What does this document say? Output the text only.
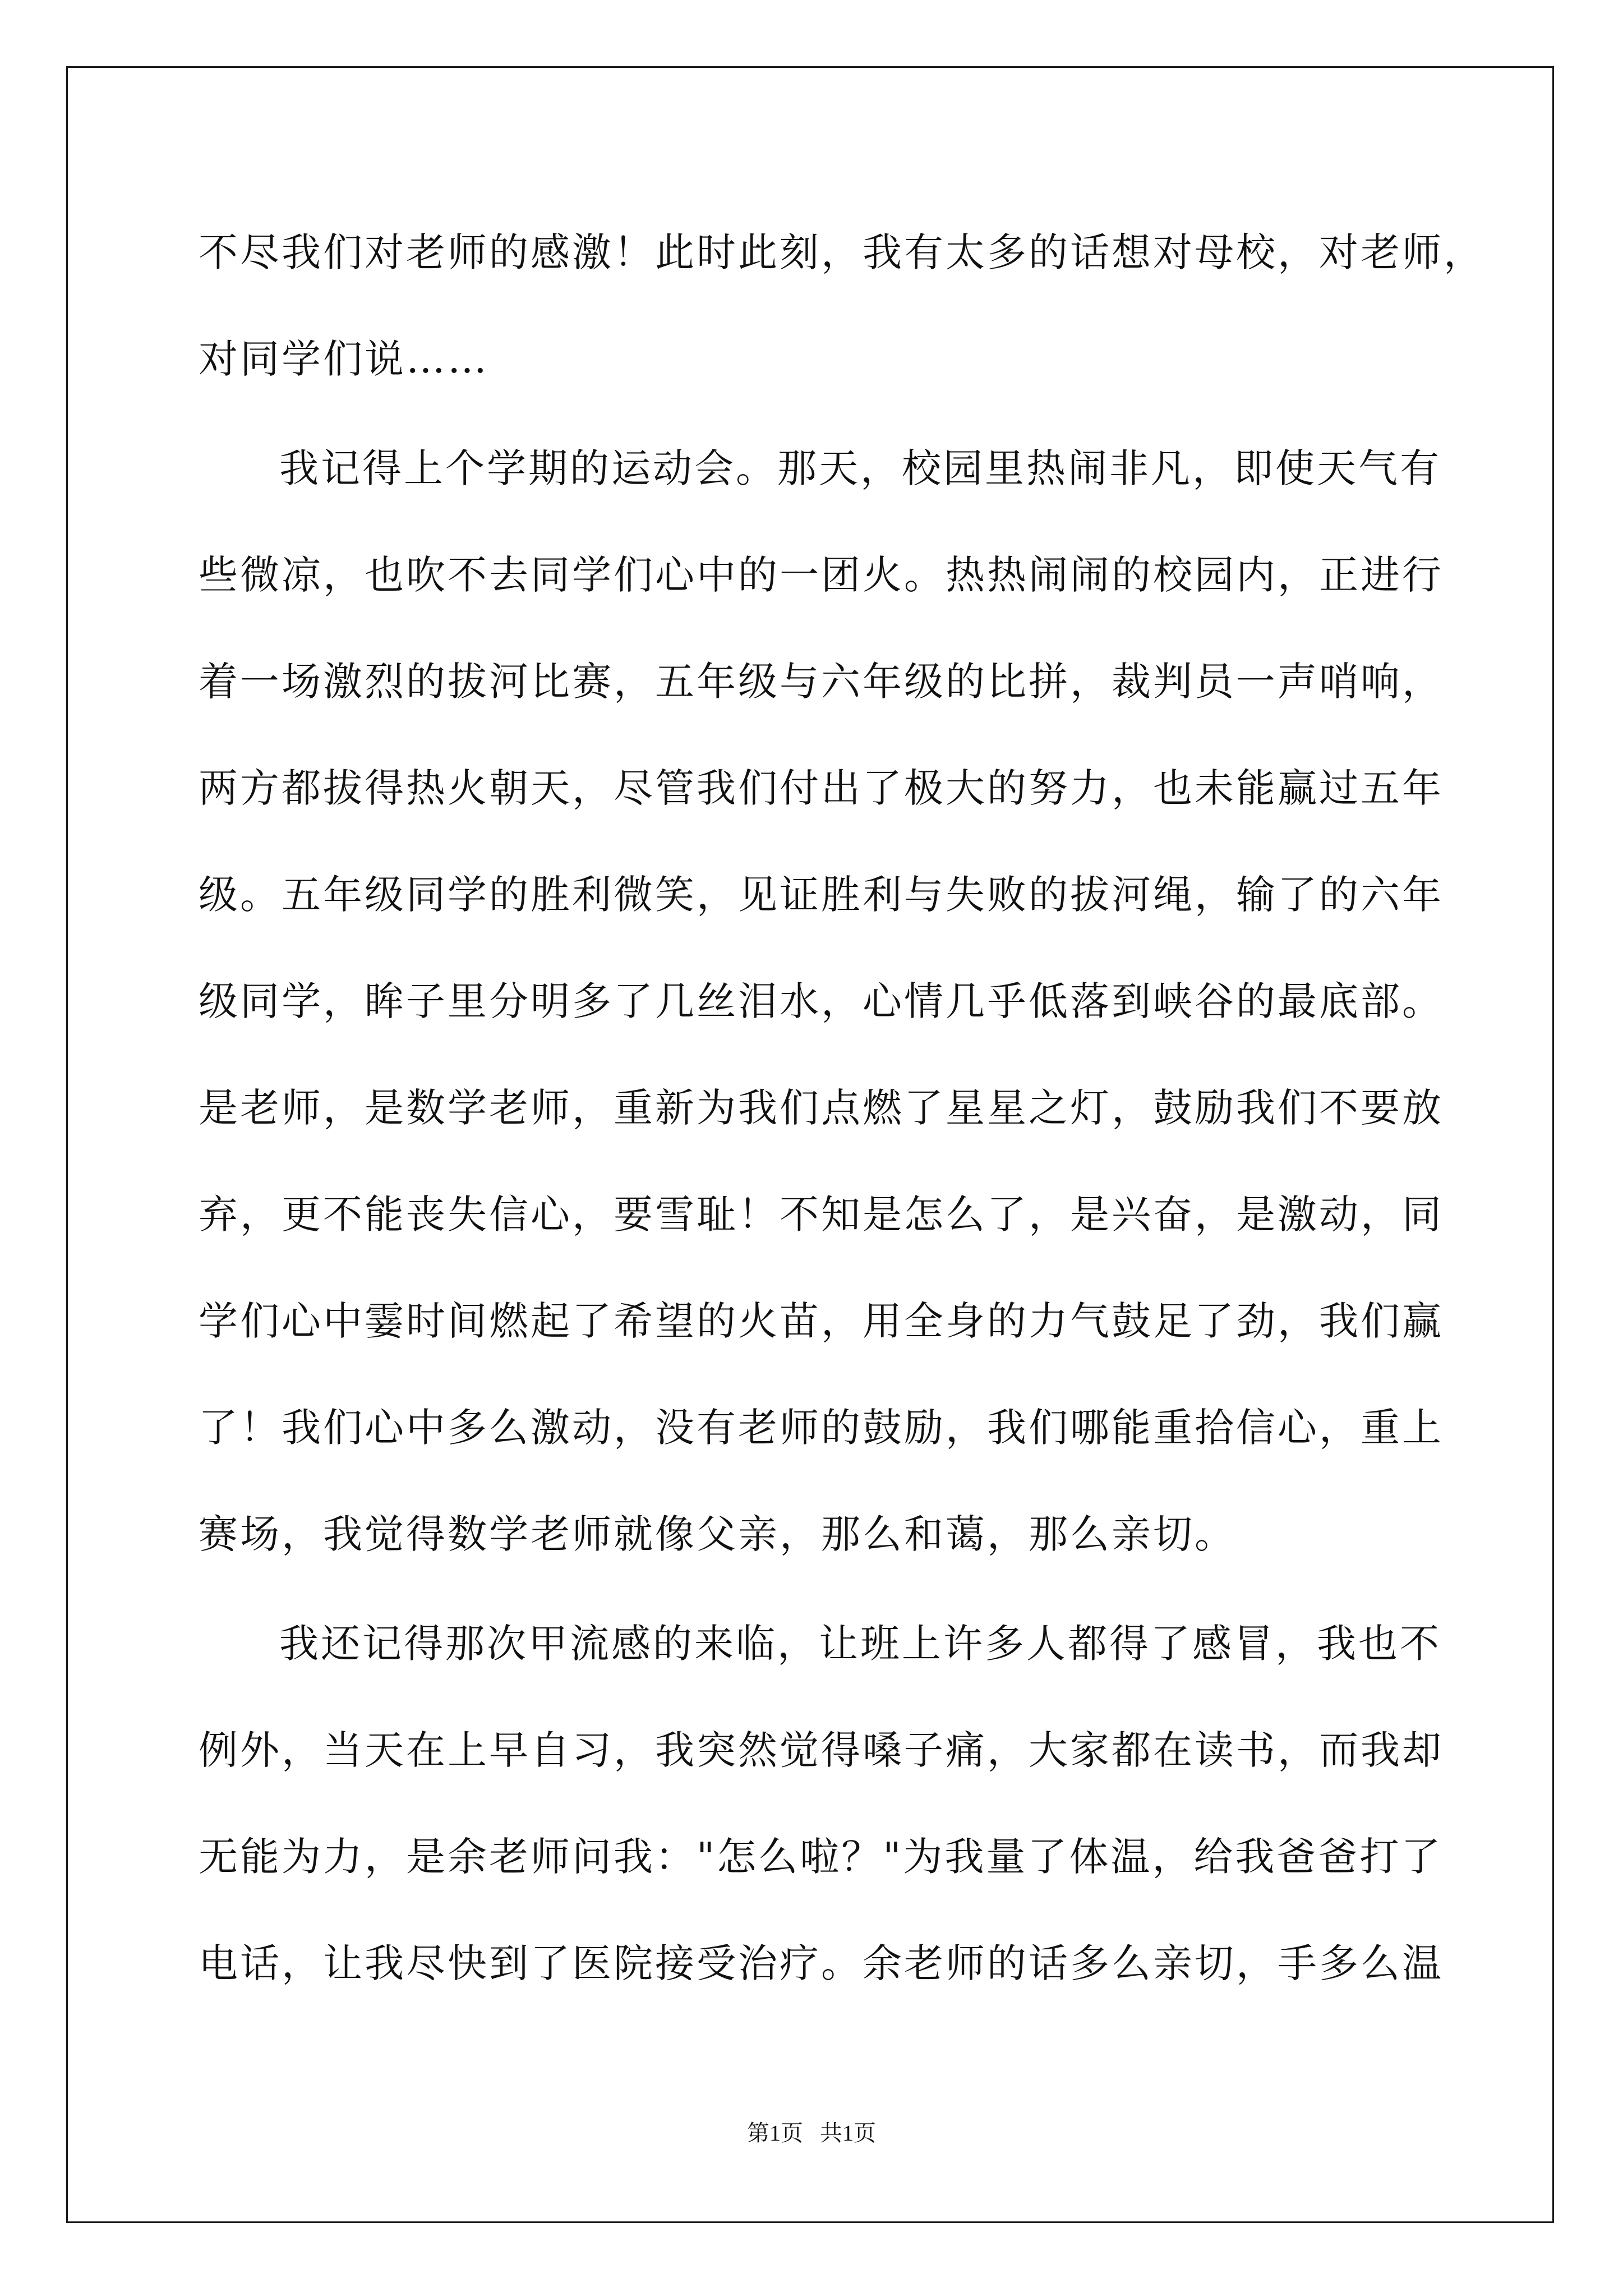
不尽我们对老师的感激！此时此刻，我有太多的话想对母校，对老师，
对同学们说……
我记得上个学期的运动会。那天，校园里热闹非凡，即使天气有
些微凉，也吹不去同学们心中的一团火。热热闹闹的校园内，正进行
着一场激烈的拔河比赛，五年级与六年级的比拼，裁判员一声哨响，
两方都拔得热火朝天，尽管我们付出了极大的努力，也未能赢过五年
级。五年级同学的胜利微笑，见证胜利与失败的拔河绳，输了的六年
级同学，眸子里分明多了几丝泪水，心情几乎低落到峡谷的最底部。
是老师，是数学老师，重新为我们点燃了星星之灯，鼓励我们不要放
弃，更不能丧失信心，要雪耻！不知是怎么了，是兴奋，是激动，同
学们心中霎时间燃起了希望的火苗，用全身的力气鼓足了劲，我们赢
了！我们心中多么激动，没有老师的鼓励，我们哪能重拾信心，重上
赛场，我觉得数学老师就像父亲，那么和蔼，那么亲切。
我还记得那次甲流感的来临，让班上许多人都得了感冒，我也不
例外，当天在上早自习，我突然觉得嗓子痛，大家都在读书，而我却
无能为力，是余老师问我："怎么啦？"为我量了体温，给我爸爸打了
电话，让我尽快到了医院接受治疗。余老师的话多么亲切，手多么温
第1页   共1页
